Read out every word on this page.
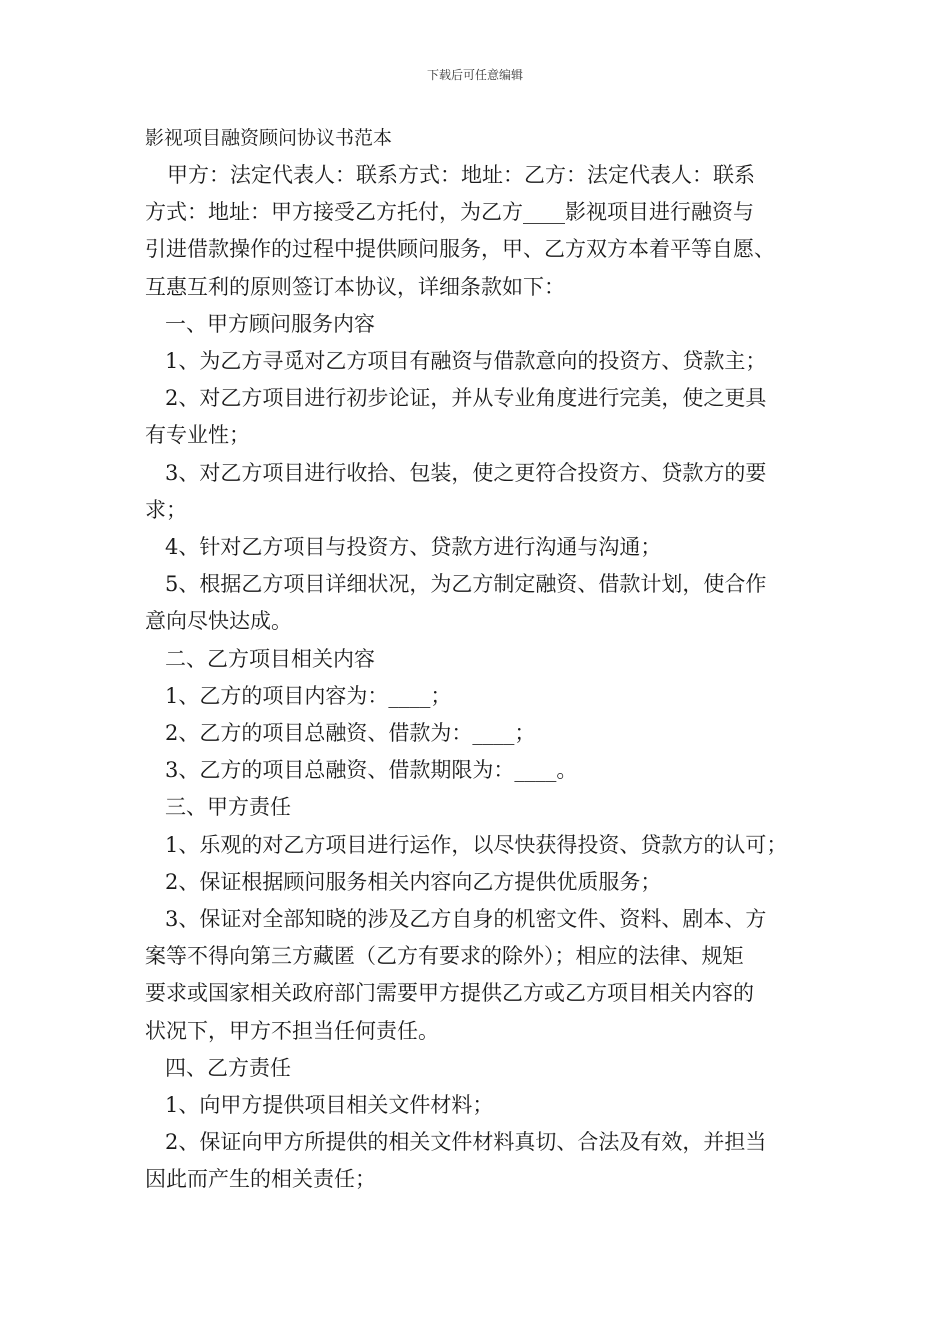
下载后可任意编辑
影视项目融资顾问协议书范本

甲方：法定代表人：联系方式：地址：乙方：法定代表人：联系

方式：地址：甲方接受乙方托付，为乙方____影视项目进行融资与

引进借款操作的过程中提供顾问服务，甲、乙方双方本着平等自愿、

互惠互利的原则签订本协议，详细条款如下：

一、甲方顾问服务内容

1、为乙方寻觅对乙方项目有融资与借款意向的投资方、贷款主；

2、对乙方项目进行初步论证，并从专业角度进行完美，使之更具

有专业性；

3、对乙方项目进行收拾、包装，使之更符合投资方、贷款方的要

求；

4、针对乙方项目与投资方、贷款方进行沟通与沟通；

5、根据乙方项目详细状况，为乙方制定融资、借款计划，使合作

意向尽快达成。

二、乙方项目相关内容

1、乙方的项目内容为：____；

2、乙方的项目总融资、借款为：____；

3、乙方的项目总融资、借款期限为：____。

三、甲方责任

1、乐观的对乙方项目进行运作，以尽快获得投资、贷款方的认可；

2、保证根据顾问服务相关内容向乙方提供优质服务；

3、保证对全部知晓的涉及乙方自身的机密文件、资料、剧本、方

案等不得向第三方藏匿（乙方有要求的除外）；相应的法律、规矩

要求或国家相关政府部门需要甲方提供乙方或乙方项目相关内容的

状况下，甲方不担当任何责任。

四、乙方责任

1、向甲方提供项目相关文件材料；

2、保证向甲方所提供的相关文件材料真切、合法及有效，并担当

因此而产生的相关责任；
